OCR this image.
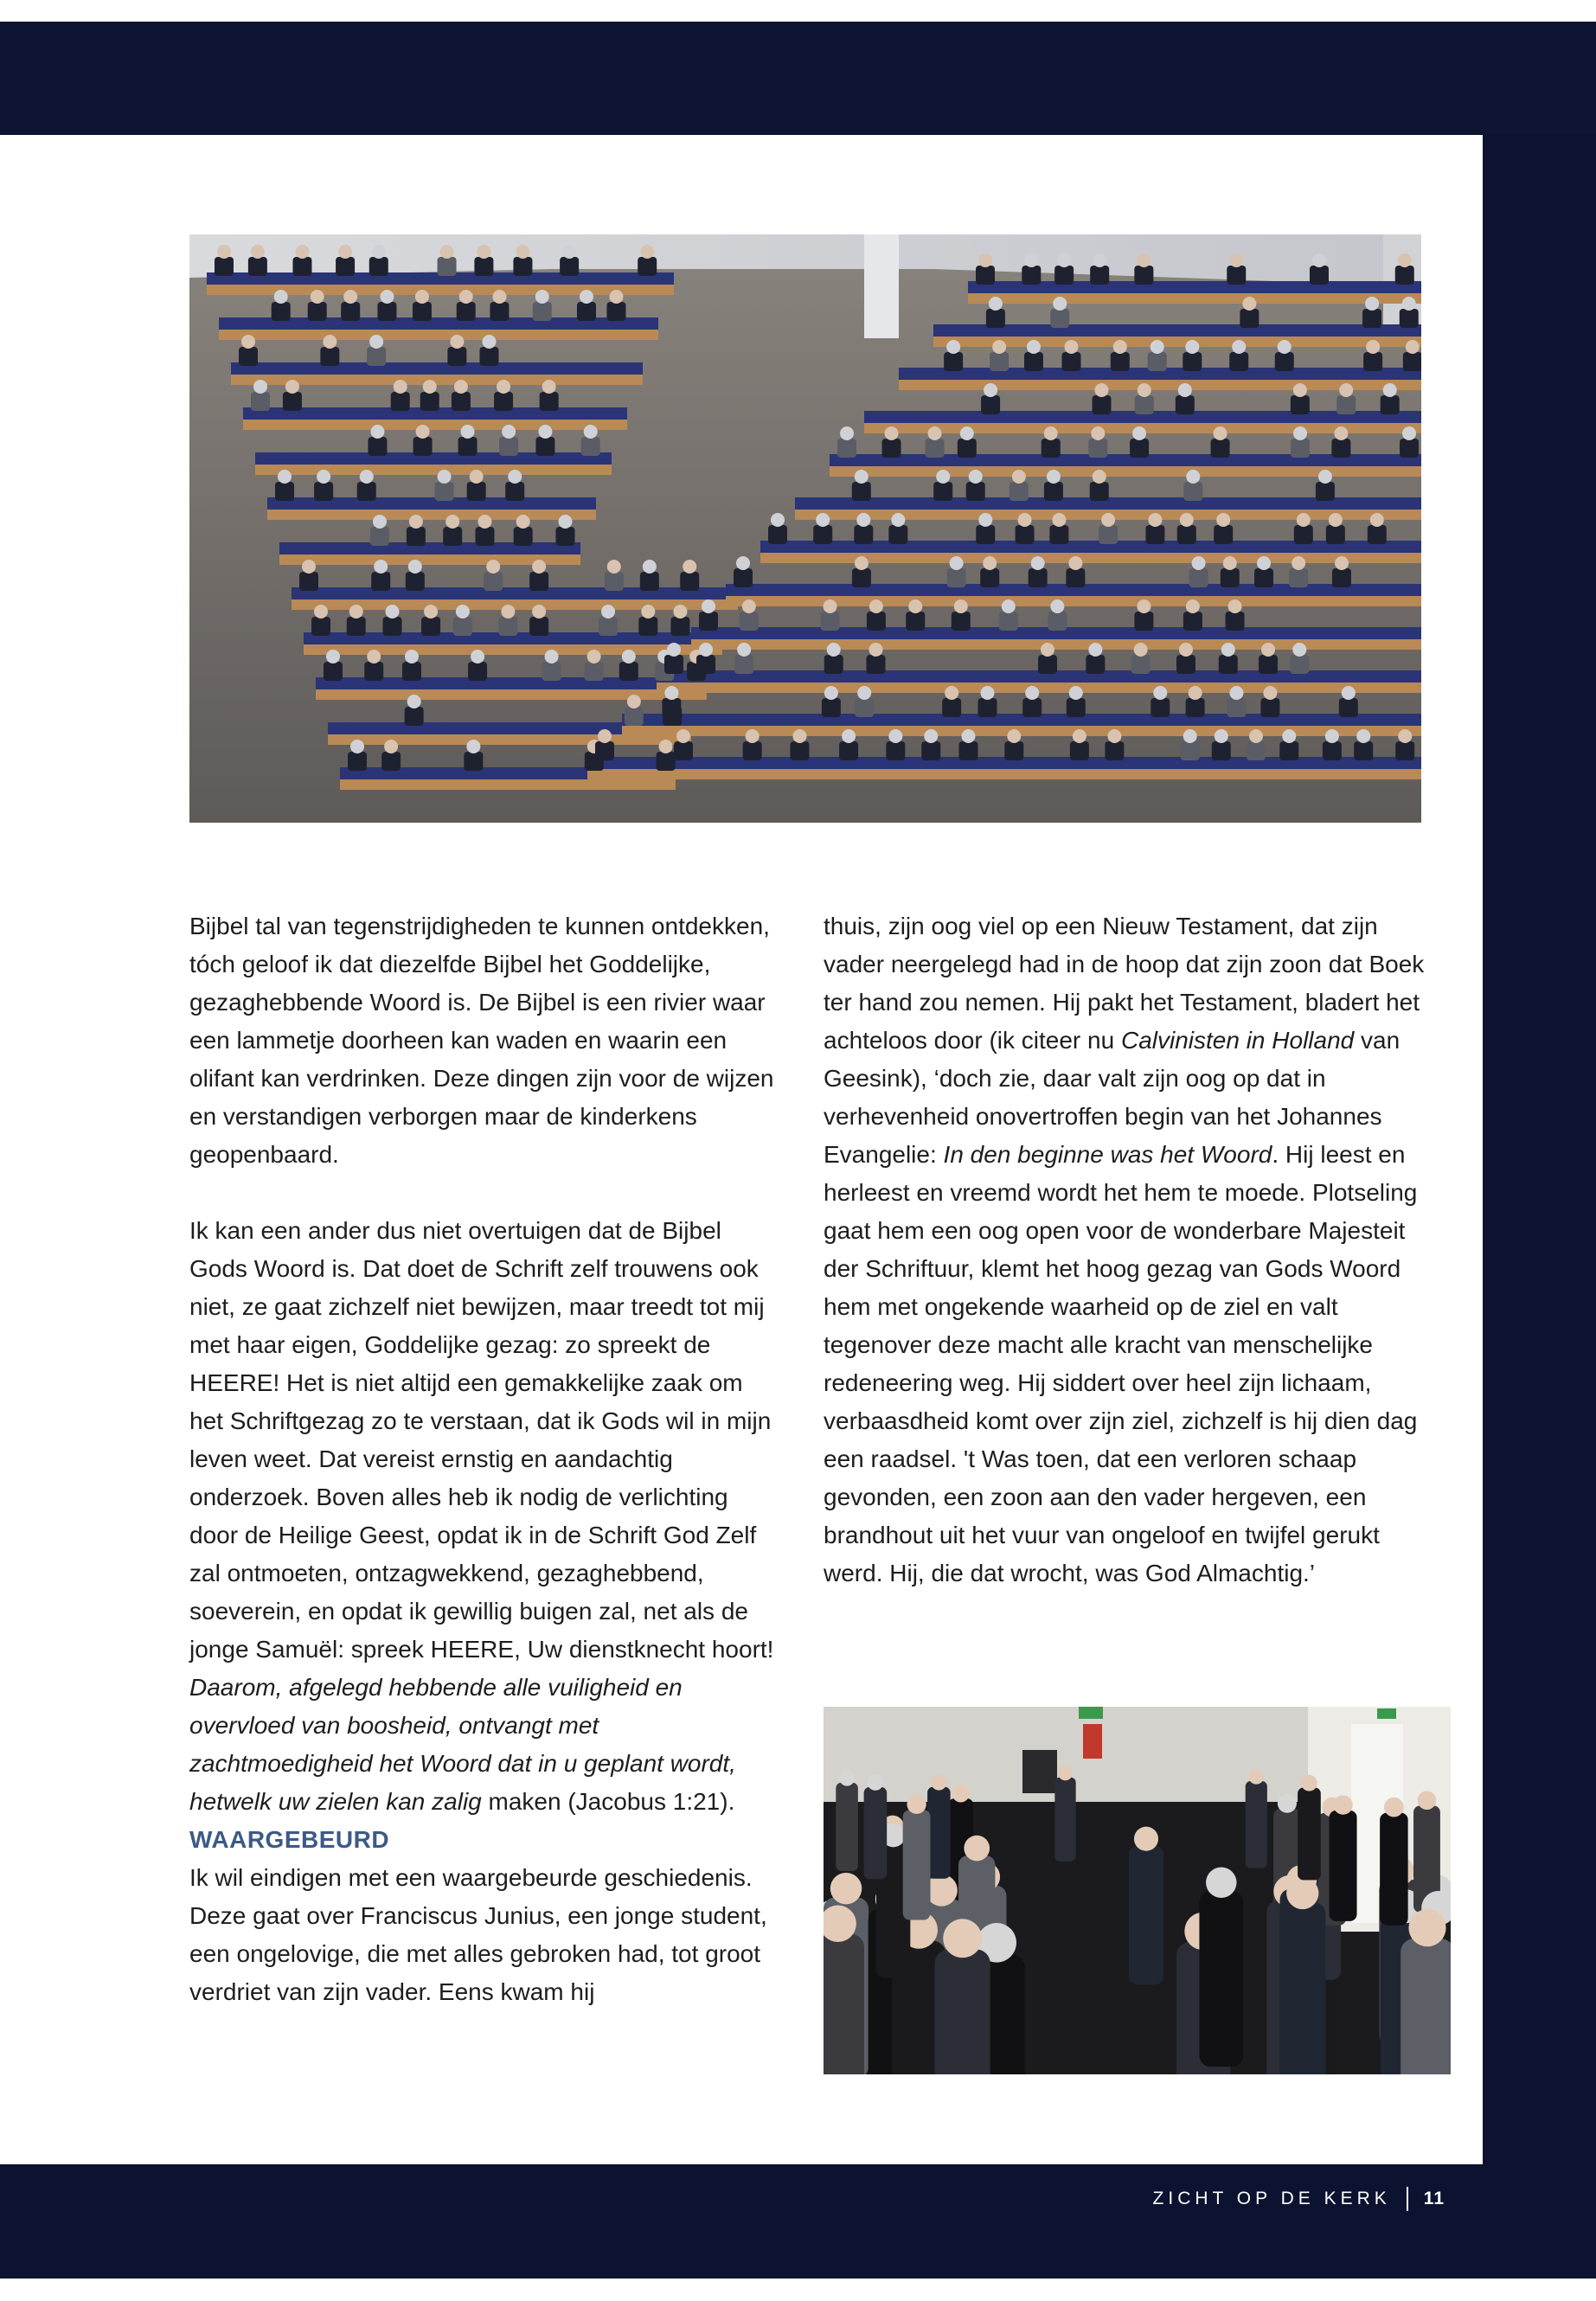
Bijbel tal van tegenstrijdigheden te kunnen ontdekken, tóch geloof ik dat diezelfde Bijbel het Goddelijke, gezaghebbende Woord is. De Bijbel is een rivier waar een lammetje doorheen kan waden en waarin een olifant kan verdrinken. Deze dingen zijn voor de wijzen en verstandigen verborgen maar de kinderkens geopenbaard.

Ik kan een ander dus niet overtuigen dat de Bijbel Gods Woord is. Dat doet de Schrift zelf trouwens ook niet, ze gaat zichzelf niet bewijzen, maar treedt tot mij met haar eigen, Goddelijke gezag: zo spreekt de HEERE! Het is niet altijd een gemakkelijke zaak om het Schriftgezag zo te verstaan, dat ik Gods wil in mijn leven weet. Dat vereist ernstig en aandachtig onderzoek. Boven alles heb ik nodig de verlichting door de Heilige Geest, opdat ik in de Schrift God Zelf zal ontmoeten, ontzagwekkend, gezaghebbend, soeverein, en opdat ik gewillig buigen zal, net als de jonge Samuël: spreek HEERE, Uw dienstknecht hoort!

Daarom, afgelegd hebbende alle vuiligheid en overvloed van boosheid, ontvangt met zachtmoedigheid het Woord dat in u geplant wordt, hetwelk uw zielen kan zalig maken (Jacobus 1:21).

WAARGEBEURD

Ik wil eindigen met een waargebeurde geschiedenis. Deze gaat over Franciscus Junius, een jonge student, een ongelovige, die met alles gebroken had, tot groot verdriet van zijn vader. Eens kwam hij

thuis, zijn oog viel op een Nieuw Testament, dat zijn vader neergelegd had in de hoop dat zijn zoon dat Boek ter hand zou nemen. Hij pakt het Testament, bladert het achteloos door (ik citeer nu Calvinisten in Holland van Geesink), ‘doch zie, daar valt zijn oog op dat in verhevenheid onovertroffen begin van het Johannes Evangelie: In den beginne was het Woord. Hij leest en herleest en vreemd wordt het hem te moede. Plotseling gaat hem een oog open voor de wonderbare Majesteit der Schriftuur, klemt het hoog gezag van Gods Woord hem met ongekende waarheid op de ziel en valt tegenover deze macht alle kracht van menschelijke redeneering weg. Hij siddert over heel zijn lichaam, verbaasdheid komt over zijn ziel, zichzelf is hij dien dag een raadsel. 't Was toen, dat een verloren schaap gevonden, een zoon aan den vader hergeven, een brandhout uit het vuur van ongeloof en twijfel gerukt werd. Hij, die dat wrocht, was God Almachtig.’

ZICHT OP DE KERK 11
